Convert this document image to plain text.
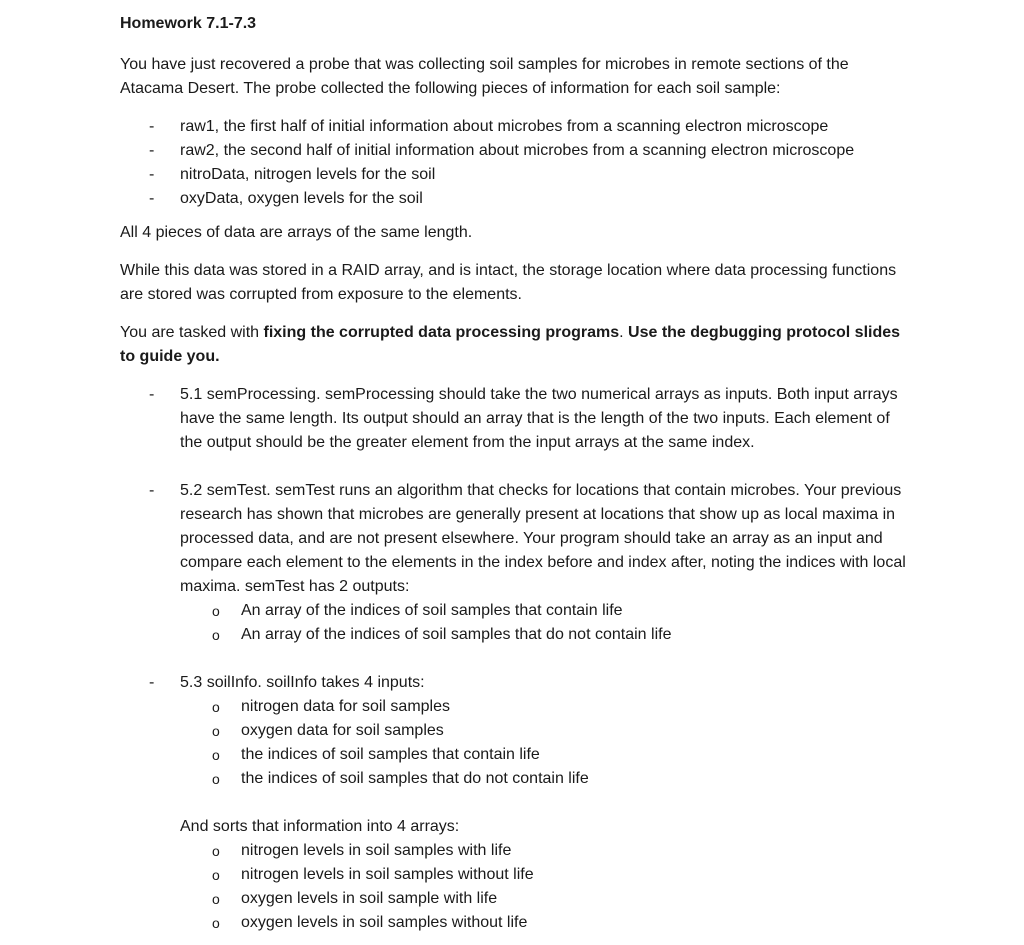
Homework 7.1-7.3

You have just recovered a probe that was collecting soil samples for microbes in remote sections of the Atacama Desert. The probe collected the following pieces of information for each soil sample:

- raw1, the first half of initial information about microbes from a scanning electron microscope
- raw2, the second half of initial information about microbes from a scanning electron microscope
- nitroData, nitrogen levels for the soil
- oxyData, oxygen levels for the soil

All 4 pieces of data are arrays of the same length.

While this data was stored in a RAID array, and is intact, the storage location where data processing functions are stored was corrupted from exposure to the elements.

You are tasked with fixing the corrupted data processing programs. Use the degbugging protocol slides to guide you.

- 5.1 semProcessing. semProcessing should take the two numerical arrays as inputs. Both input arrays have the same length. Its output should an array that is the length of the two inputs. Each element of the output should be the greater element from the input arrays at the same index.
- 5.2 semTest. semTest runs an algorithm that checks for locations that contain microbes. Your previous research has shown that microbes are generally present at locations that show up as local maxima in processed data, and are not present elsewhere. Your program should take an array as an input and compare each element to the elements in the index before and index after, noting the indices with local maxima. semTest has 2 outputs:
o An array of the indices of soil samples that contain life
o An array of the indices of soil samples that do not contain life
- 5.3 soilInfo. soilInfo takes 4 inputs:
o nitrogen data for soil samples
o oxygen data for soil samples
o the indices of soil samples that contain life
o the indices of soil samples that do not contain life
And sorts that information into 4 arrays:
o nitrogen levels in soil samples with life
o nitrogen levels in soil samples without life
o oxygen levels in soil sample with life
o oxygen levels in soil samples without life
